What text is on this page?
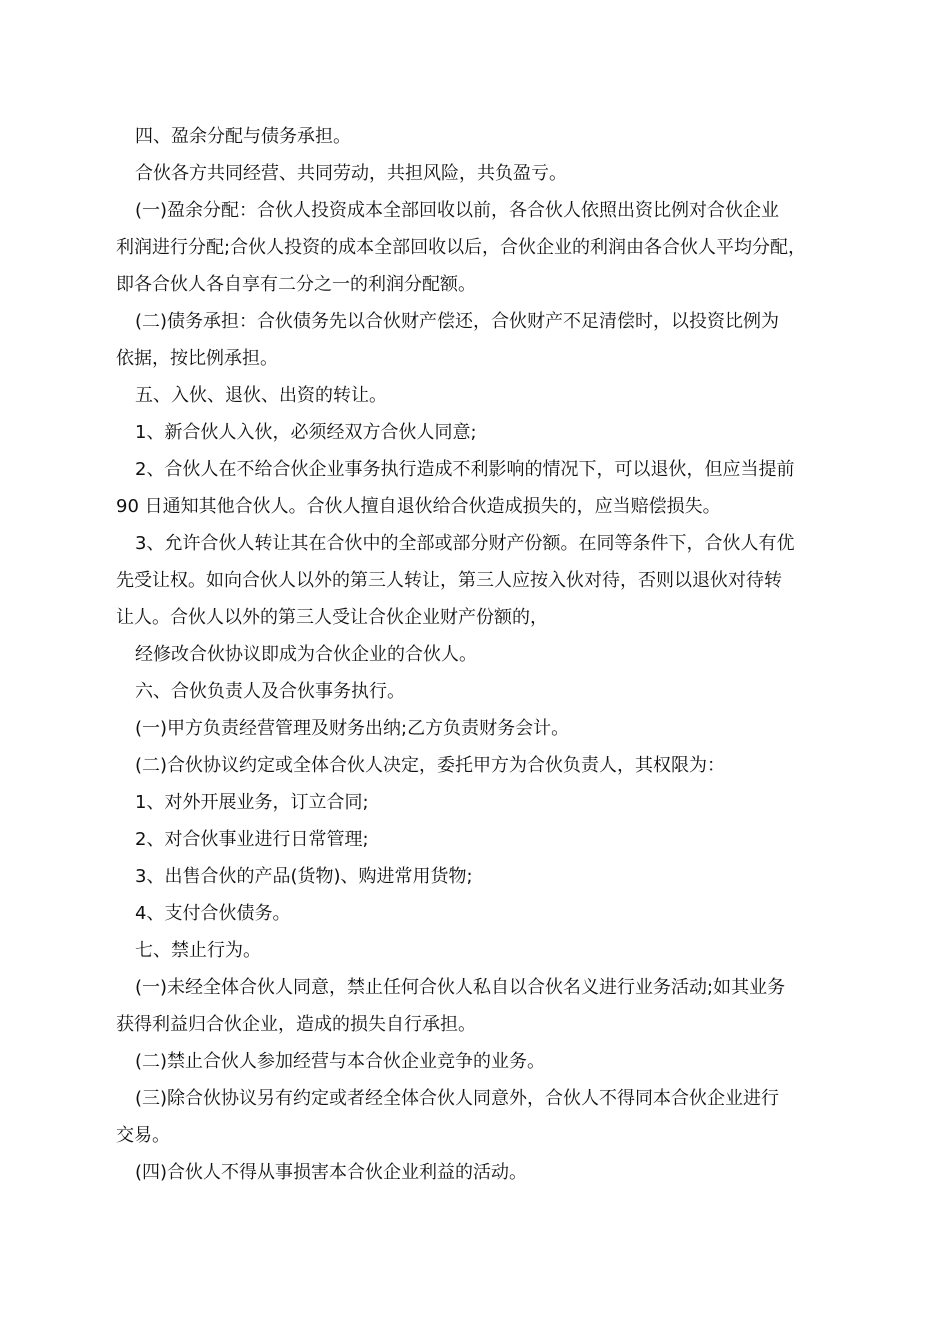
四、盈余分配与债务承担。

合伙各方共同经营、共同劳动，共担风险，共负盈亏。

(一)盈余分配：合伙人投资成本全部回收以前，各合伙人依照出资比例对合伙企业

利润进行分配;合伙人投资的成本全部回收以后，合伙企业的利润由各合伙人平均分配，

即各合伙人各自享有二分之一的利润分配额。

(二)债务承担：合伙债务先以合伙财产偿还，合伙财产不足清偿时，以投资比例为

依据，按比例承担。

五、入伙、退伙、出资的转让。

1、新合伙人入伙，必须经双方合伙人同意;

2、合伙人在不给合伙企业事务执行造成不利影响的情况下，可以退伙，但应当提前

90 日通知其他合伙人。合伙人擅自退伙给合伙造成损失的，应当赔偿损失。

3、允许合伙人转让其在合伙中的全部或部分财产份额。在同等条件下，合伙人有优

先受让权。如向合伙人以外的第三人转让，第三人应按入伙对待，否则以退伙对待转

让人。合伙人以外的第三人受让合伙企业财产份额的，

经修改合伙协议即成为合伙企业的合伙人。

六、合伙负责人及合伙事务执行。

(一)甲方负责经营管理及财务出纳;乙方负责财务会计。

(二)合伙协议约定或全体合伙人决定，委托甲方为合伙负责人，其权限为：

1、对外开展业务，订立合同;

2、对合伙事业进行日常管理;

3、出售合伙的产品(货物)、购进常用货物;

4、支付合伙债务。

七、禁止行为。

(一)未经全体合伙人同意，禁止任何合伙人私自以合伙名义进行业务活动;如其业务

获得利益归合伙企业，造成的损失自行承担。

(二)禁止合伙人参加经营与本合伙企业竞争的业务。

(三)除合伙协议另有约定或者经全体合伙人同意外，合伙人不得同本合伙企业进行

交易。

(四)合伙人不得从事损害本合伙企业利益的活动。
